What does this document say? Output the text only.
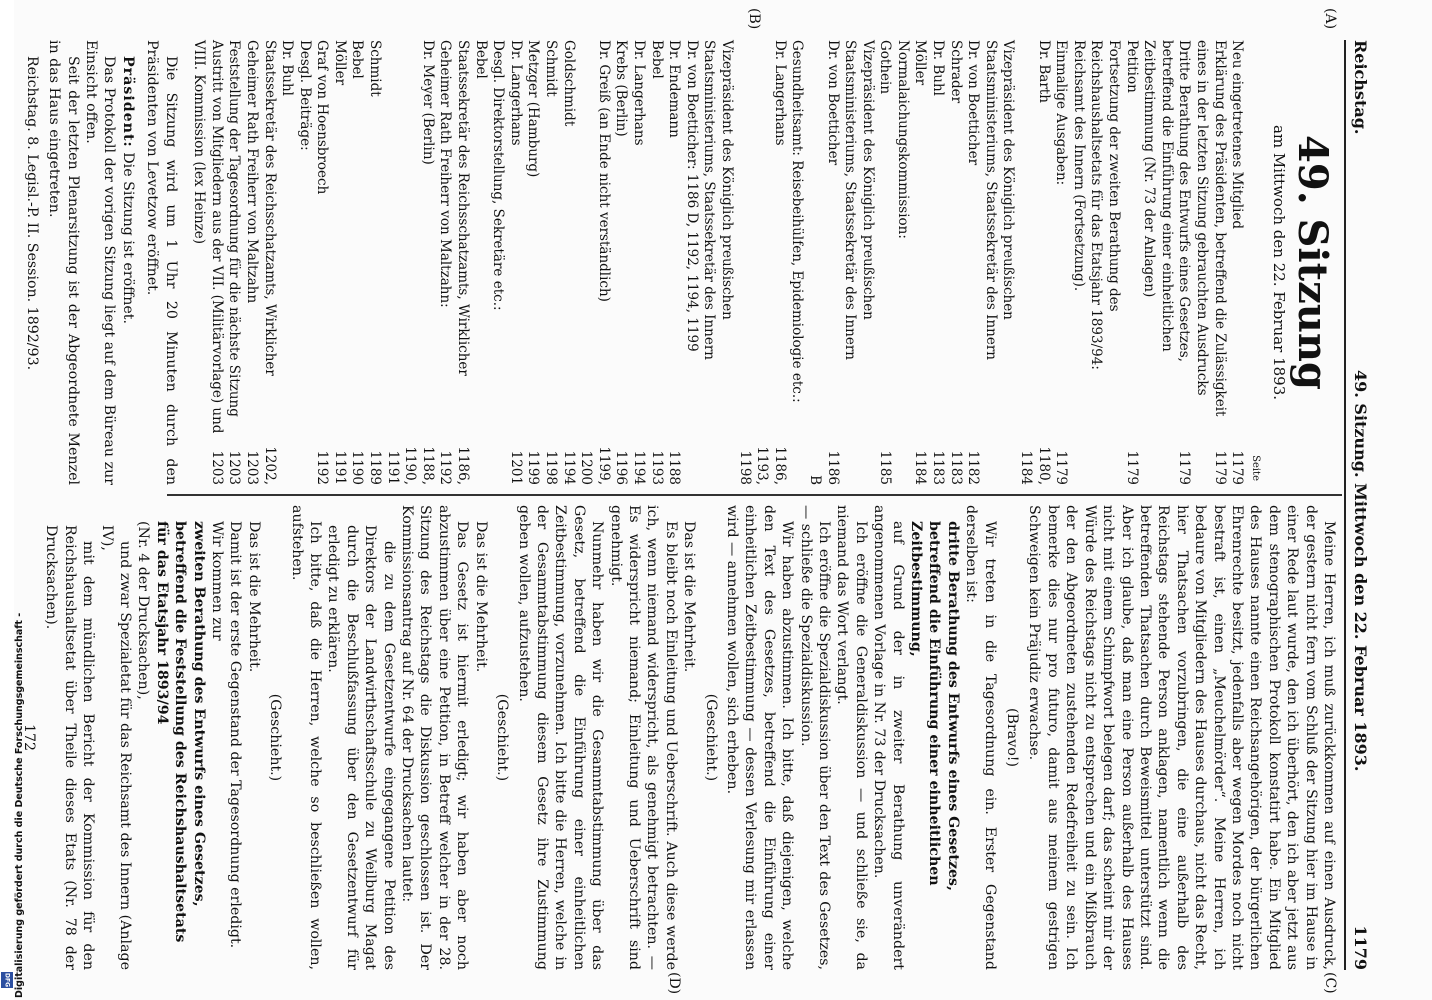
Reichstag.
49. Sitzung. Mittwoch den 22. Februar 1893.
1179
(A)
(B)
(C)
(D)
49. Sitzung
am Mittwoch den 22. Februar 1893.
Seite
Neu eingetretenes Mitglied
1179
Erklärung des Präsidenten, betreffend die Zulässigkeit eines in der letzten Sitzung gebrauchten Ausdrucks
1179
Dritte Berathung des Entwurfs eines Gesetzes, betreffend die Einführung einer einheitlichen Zeitbestimmung (Nr. 73 der Anlagen)
1179
Petition
1179
Fortsetzung der zweiten Berathung des Reichshaushaltsetats für das Etatsjahr 1893/94:
Reichsamt des Innern (Fortsetzung).
Einmalige Ausgaben:
1179
Dr. Barth
1180, 1184
Vizepräsident des Königlich preußischen Staatsministeriums, Staatssekretär des Innern
Dr. von Boetticher
1182
Schrader
1183
Dr. Buhl
1183
Möller
1184
Normalaichungskommission:
Gothein
1185
Vizepräsident des Königlich preußischen Staatsministeriums, Staatssekretär des Innern
Dr. von Boetticher
1186 B
Gesundheitsamt: Reisebeihülfen, Epidemiologie etc.:
Dr. Langerhans
1186, 1193, 1198
Vizepräsident des Königlich preußischen Staatsministeriums, Staatssekretär des Innern
Dr. von Boetticher: 1186 D, 1192, 1194, 1199
Dr. Endemann
1188
Bebel
1193
Dr. Langerhans
1194
Krebs (Berlin)
1196
Dr. Greiß (an Ende nicht verständlich)
1199, 1200
Goldschmidt
1194
Schmidt
1198
Metzger (Hamburg)
1199
Dr. Langerhans
1201
Desgl. Direktorstellung, Sekretäre etc.:
Bebel
Staatssekretär des Reichsschatzamts, Wirklicher Geheimer Rath Freiherr von Maltzahn:
1186, 1192
Dr. Meyer (Berlin)
1188, 1190, 1191
Schmidt
1189
Bebel
1190
Möller
1191
Graf von Hoensbroech
1192
Desgl. Beiträge:
Dr. Buhl
Staatssekretär des Reichsschatzamts, Wirklicher Geheimer Rath Freiherr von Maltzahn
1202, 1203
Feststellung der Tagesordnung für die nächste Sitzung
1203
Austritt von Mitgliedern aus der VII. (Militärvorlage) und VIII. Kommission (lex Heinze)
1203

Die Sitzung wird um 1 Uhr 20 Minuten durch den Präsidenten von Levetzow eröffnet.

Präsident: Die Sitzung ist eröffnet.

Das Protokoll der vorigen Sitzung liegt auf dem Büreau zur Einsicht offen.

Seit der letzten Plenarsitzung ist der Abgeordnete Menzel in das Haus eingetreten.

Reichstag. 8. Legisl.-P. II. Session. 1892/93.

Meine Herren, ich muß zurückkommen auf einen Ausdruck, der gestern nicht fern vom Schluß der Sitzung hier im Hause in einer Rede laut wurde, den ich überhört, den ich aber jetzt aus dem stenographischen Protokoll konstatirt habe. Ein Mitglied des Hauses nannte einen Reichsangehörigen, der bürgerlichen Ehrenrechte besitzt, jedenfalls aber wegen Mordes noch nicht bestraft ist, einen „Meuchelmörder“. Meine Herren, ich bedaure von Mitgliedern des Hauses durchaus, nicht das Recht, hier Thatsachen vorzubringen, die eine außerhalb des Reichstags stehende Person anklagen, namentlich wenn die betreffenden Thatsachen durch Beweismittel unterstützt sind. Aber ich glaube, daß man eine Person außerhalb des Hauses nicht mit einem Schimpfwort belegen darf; das scheint mir der Würde des Reichstags nicht zu entsprechen und ein Mißbrauch der den Abgeordneten zustehenden Redefreiheit zu sein. Ich bemerke dies nur pro futuro, damit aus meinem gestrigen Schweigen kein Präjudiz erwachse.

(Bravo!)

Wir treten in die Tagesordnung ein. Erster Gegenstand derselben ist:

dritte Berathung des Entwurfs eines Gesetzes, betreffend die Einführung einer einheitlichen Zeitbestimmung,

auf Grund der in zweiter Berathung unverändert angenommenen Vorlage in Nr. 73 der Drucksachen.

Ich eröffne die Generaldiskussion — und schließe sie, da niemand das Wort verlangt.

Ich eröffne die Spezialdiskussion über den Text des Gesetzes, — schließe die Spezialdiskussion.

Wir haben abzustimmen. Ich bitte, daß diejenigen, welche den Text des Gesetzes, betreffend die Einführung einer einheitlichen Zeitbestimmung — dessen Verlesung mir erlassen wird — annehmen wollen, sich erheben.

(Geschieht.)

Das ist die Mehrheit.

Es bleibt noch Einleitung und Ueberschrift. Auch diese werde ich, wenn niemand widerspricht, als genehmigt betrachten. — Es widerspricht niemand; Einleitung und Ueberschrift sind genehmigt.

Nunmehr haben wir die Gesammtabstimmung über das Gesetz, betreffend die Einführung einer einheitlichen Zeitbestimmung, vorzunehmen. Ich bitte die Herren, welche in der Gesammtabstimmung diesem Gesetz ihre Zustimmung geben wollen, aufzustehen.

(Geschieht.)

Das ist die Mehrheit.

Das Gesetz ist hiermit erledigt; wir haben aber noch abzustimmen über eine Petition, in Betreff welcher in der 28. Sitzung des Reichstags die Diskussion geschlossen ist. Der Kommissionsantrag auf Nr. 64 der Drucksachen lautet:

die zu dem Gesetzentwurfe eingegangene Petition des Direktors der Landwirthschaftsschule zu Weilburg Magat durch die Beschlußfassung über den Gesetzentwurf für erledigt zu erklären.

Ich bitte, daß die Herren, welche so beschließen wollen, aufstehen.

(Geschieht.)

Das ist die Mehrheit.

Damit ist der erste Gegenstand der Tagesordnung erledigt.

Wir kommen zur

zweiten Berathung des Entwurfs eines Gesetzes, betreffend die Feststellung des Reichshaushaltsetats für das Etatsjahr 1893/94

(Nr. 4 der Drucksachen),

und zwar Spezialetat für das Reichsamt des Innern (Anlage IV),

mit dem mündlichen Bericht der Kommission für den Reichshaushaltsetat über Theile dieses Etats (Nr. 78 der Drucksachen).

172

Digitalisierung gefördert durch die Deutsche Forschungsgemeinschaft -
DFG
